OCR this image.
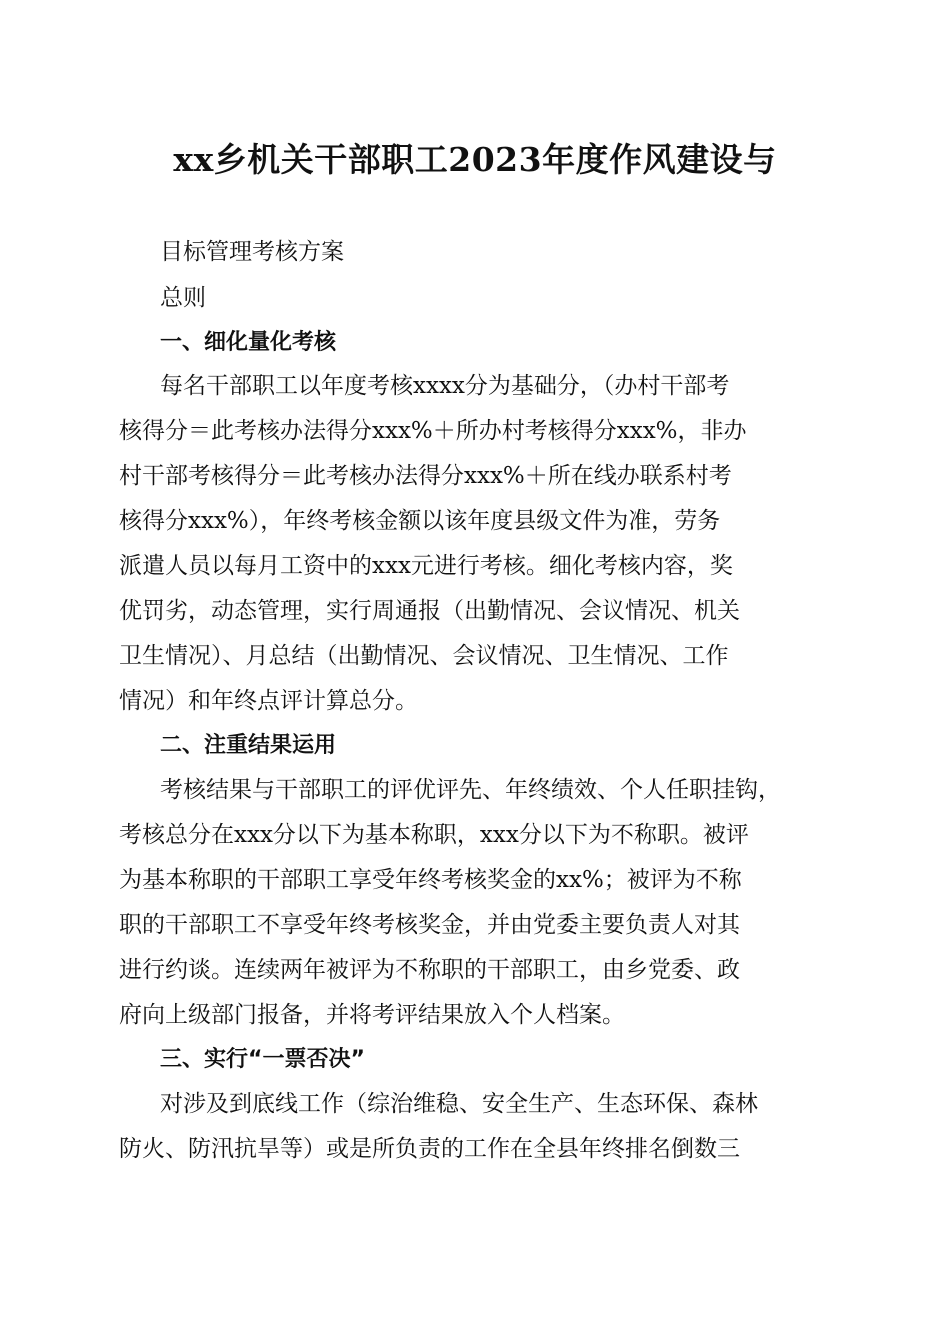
xx乡机关干部职工2023年度作风建设与

目标管理考核方案

总则

一、细化量化考核

每名干部职工以年度考核xxxx分为基础分，（办村干部考

核得分＝此考核办法得分xxx%＋所办村考核得分xxx%，非办

村干部考核得分＝此考核办法得分xxx%＋所在线办联系村考

核得分xxx%），年终考核金额以该年度县级文件为准，劳务

派遣人员以每月工资中的xxx元进行考核。细化考核内容，奖

优罚劣，动态管理，实行周通报（出勤情况、会议情况、机关

卫生情况）、月总结（出勤情况、会议情况、卫生情况、工作

情况）和年终点评计算总分。

二、注重结果运用

考核结果与干部职工的评优评先、年终绩效、个人任职挂钩，

考核总分在xxx分以下为基本称职，xxx分以下为不称职。被评

为基本称职的干部职工享受年终考核奖金的xx%；被评为不称

职的干部职工不享受年终考核奖金，并由党委主要负责人对其

进行约谈。连续两年被评为不称职的干部职工，由乡党委、政

府向上级部门报备，并将考评结果放入个人档案。

三、实行“一票否决”

对涉及到底线工作（综治维稳、安全生产、生态环保、森林

防火、防汛抗旱等）或是所负责的工作在全县年终排名倒数三
